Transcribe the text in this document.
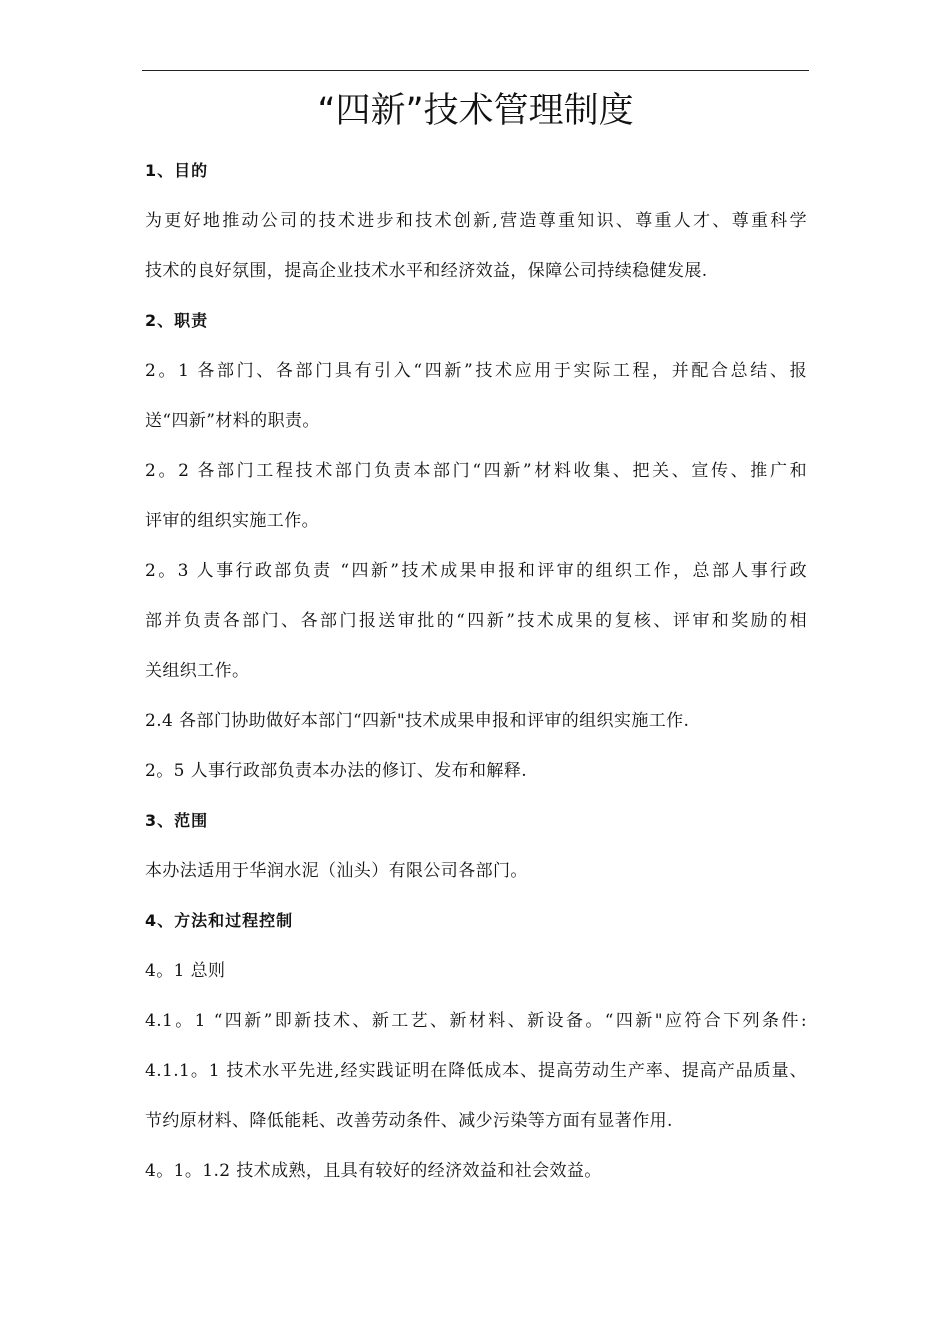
“四新”技术管理制度
1、目的
为更好地推动公司的技术进步和技术创新,营造尊重知识、尊重人才、尊重科学
技术的良好氛围，提高企业技术水平和经济效益，保障公司持续稳健发展.
2、职责
2。1 各部门、各部门具有引入“四新”技术应用于实际工程，并配合总结、报
送“四新”材料的职责。
2。2 各部门工程技术部门负责本部门“四新”材料收集、把关、宣传、推广和
评审的组织实施工作。
2。3 人事行政部负责 “四新”技术成果申报和评审的组织工作，总部人事行政
部并负责各部门、各部门报送审批的“四新”技术成果的复核、评审和奖励的相
关组织工作。
2.4 各部门协助做好本部门“四新"技术成果申报和评审的组织实施工作.
2。5 人事行政部负责本办法的修订、发布和解释.
3、范围
本办法适用于华润水泥（汕头）有限公司各部门。
4、方法和过程控制
4。1 总则
4.1。1 “四新”即新技术、新工艺、新材料、新设备。“四新"应符合下列条件:
4.1.1。1 技术水平先进,经实践证明在降低成本、提高劳动生产率、提高产品质量、
节约原材料、降低能耗、改善劳动条件、减少污染等方面有显著作用.
4。1。1.2 技术成熟，且具有较好的经济效益和社会效益。
